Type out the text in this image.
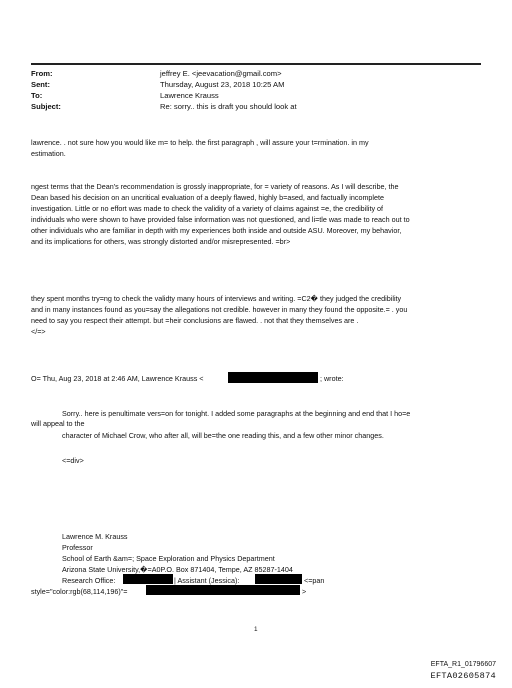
From:	jeffrey E. <jeevacation@gmail.com>
Sent:	Thursday, August 23, 2018 10:25 AM
To:	Lawrence Krauss
Subject:	Re: sorry.. this is draft you should look at
lawrence. . not sure how you would like m= to help. the first paragraph , will assure your t=rmination. in my
estimation.
ngest terms that the Dean's recommendation is grossly inappropriate, for = variety of reasons. As I will describe, the
Dean based his decision on an uncritical evaluation of a deeply flawed, highly b=ased, and factually incomplete
investigation. Little or no effort was made to check the validity of a variety of claims against =e, the credibility of
individuals who were shown to have provided false information was not questioned, and li=tle was made to reach out to
other individuals who are familiar in depth with my experiences both inside and outside ASU. Moreover, my behavior,
and its implications for others, was strongly distorted and/or misrepresented. =br>
they spent months try=ng to check the validty many hours of interviews and writing. =C2� they judged the credibility
and in many instances found as you=say the allegations not credible. however in many they found the opposite.= . you
need to say you respect their attempt. but =heir conclusions are flawed. . not that they themselves are .
</=>
O= Thu, Aug 23, 2018 at 2:46 AM, Lawrence Krauss <	; wrote:
Sorry.. here is penultimate vers=on for tonight. I added some paragraphs at the beginning and end that I ho=e
will appeal to the
character of Michael Crow, who after all, will be=the one reading this, and a few other minor changes.
<=div>
Lawrence M. Krauss
Professor
School of Earth &am=; Space Exploration and Physics Department
Arizona State University,�=A0P.O. Box 871404, Tempe, AZ 85287-1404
Research Office:	| Assistant (Jessica):	<=pan
style="color:rgb(68,114,196)"=	>
1
EFTA_R1_01796607
EFTA02605874
